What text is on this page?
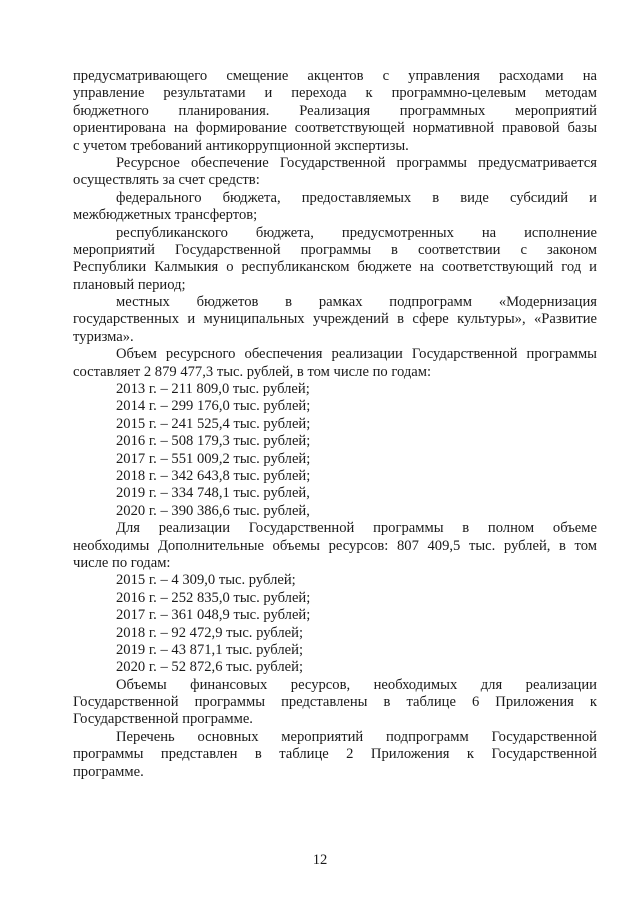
предусматривающего смещение акцентов с управления расходами на
управление результатами и перехода к программно-целевым методам
бюджетного планирования. Реализация программных мероприятий
ориентирована на формирование соответствующей нормативной правовой базы
с учетом требований антикоррупционной экспертизы.
Ресурсное обеспечение Государственной программы предусматривается
осуществлять за счет средств:
федерального бюджета, предоставляемых в виде субсидий и
межбюджетных трансфертов;
республиканского бюджета, предусмотренных на исполнение
мероприятий Государственной программы в соответствии с законом
Республики Калмыкия о республиканском бюджете на соответствующий год и
плановый период;
местных бюджетов в рамках подпрограмм «Модернизация
государственных и муниципальных учреждений в сфере культуры», «Развитие
туризма».
Объем ресурсного обеспечения реализации Государственной программы
составляет 2 879 477,3 тыс. рублей, в том числе по годам:
2013 г. – 211 809,0 тыс. рублей;
2014 г. – 299 176,0 тыс. рублей;
2015 г. – 241 525,4 тыс. рублей;
2016 г. – 508 179,3 тыс. рублей;
2017 г. – 551 009,2 тыс. рублей;
2018 г. – 342 643,8 тыс. рублей;
2019 г. – 334 748,1 тыс. рублей,
2020 г. – 390 386,6 тыс. рублей,
Для реализации Государственной программы в полном объеме
необходимы Дополнительные объемы ресурсов: 807 409,5 тыс. рублей, в том
числе по годам:
2015 г. – 4 309,0 тыс. рублей;
2016 г. – 252 835,0 тыс. рублей;
2017 г. – 361 048,9 тыс. рублей;
2018 г. – 92 472,9 тыс. рублей;
2019 г. – 43 871,1 тыс. рублей;
2020 г. – 52 872,6 тыс. рублей;
Объемы финансовых ресурсов, необходимых для реализации
Государственной программы представлены в таблице 6 Приложения к
Государственной программе.
Перечень основных мероприятий подпрограмм Государственной
программы представлен в таблице 2 Приложения к Государственной
программе.
12
